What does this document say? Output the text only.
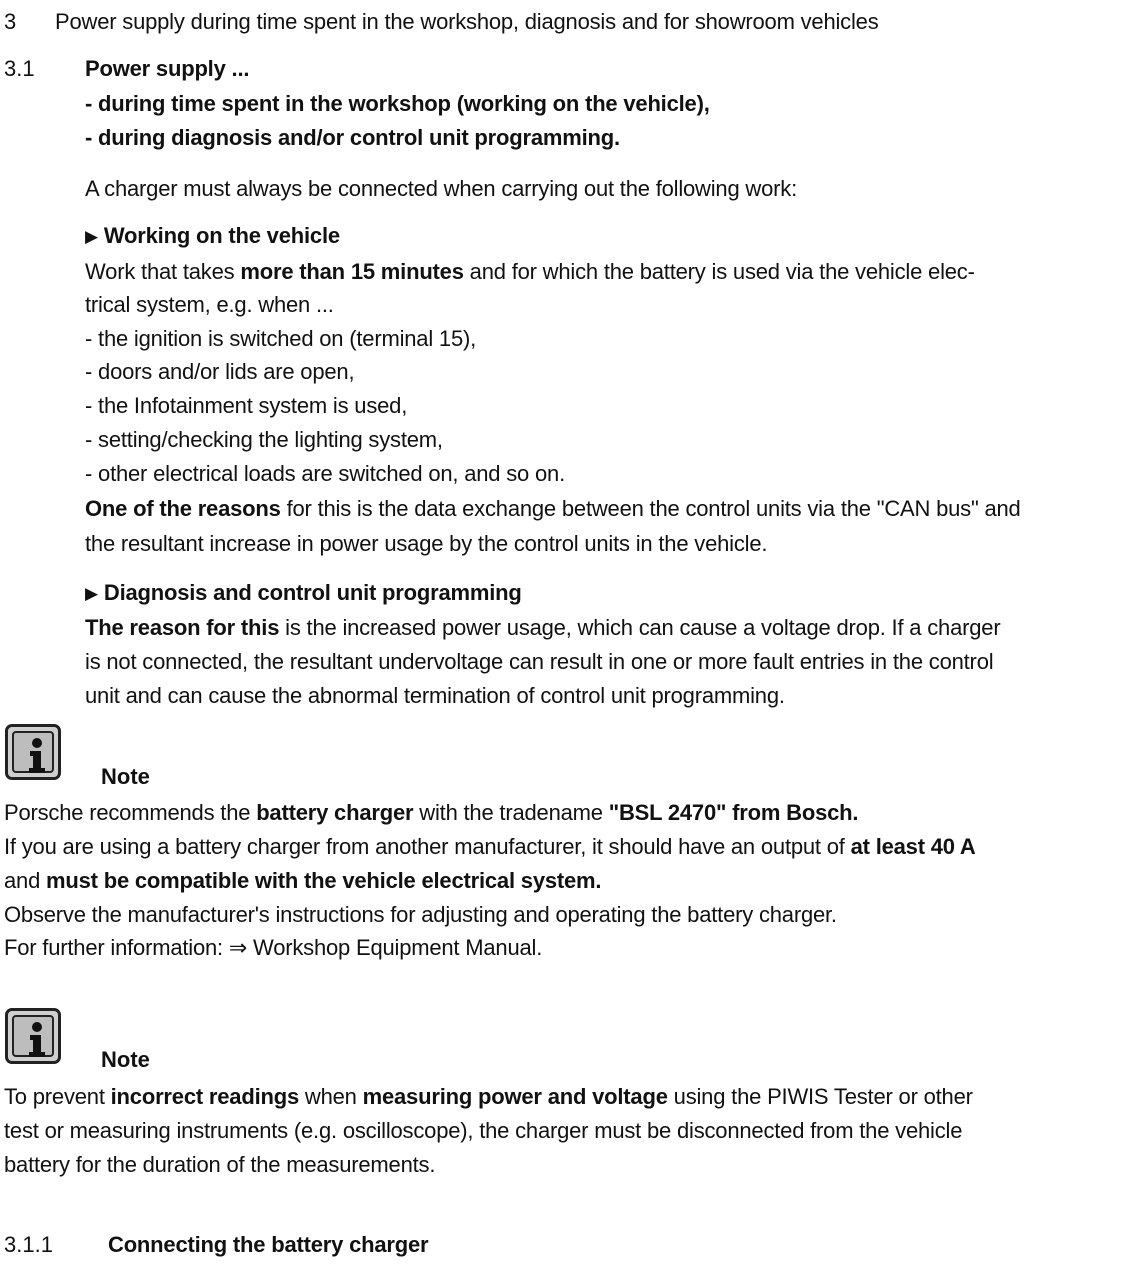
3 Power supply during time spent in the workshop, diagnosis and for showroom vehicles
3.1 Power supply ...
- during time spent in the workshop (working on the vehicle),
- during diagnosis and/or control unit programming.
A charger must always be connected when carrying out the following work:
▶ Working on the vehicle
Work that takes more than 15 minutes and for which the battery is used via the vehicle elec-
trical system, e.g. when ...
- the ignition is switched on (terminal 15),
- doors and/or lids are open,
- the Infotainment system is used,
- setting/checking the lighting system,
- other electrical loads are switched on, and so on.
One of the reasons for this is the data exchange between the control units via the "CAN bus" and
the resultant increase in power usage by the control units in the vehicle.
▶ Diagnosis and control unit programming
The reason for this is the increased power usage, which can cause a voltage drop. If a charger
is not connected, the resultant undervoltage can result in one or more fault entries in the control
unit and can cause the abnormal termination of control unit programming.
Note
Porsche recommends the battery charger with the tradename "BSL 2470" from Bosch.
If you are using a battery charger from another manufacturer, it should have an output of at least 40 A
and must be compatible with the vehicle electrical system.
Observe the manufacturer's instructions for adjusting and operating the battery charger.
For further information: ⇒ Workshop Equipment Manual.
Note
To prevent incorrect readings when measuring power and voltage using the PIWIS Tester or other
test or measuring instruments (e.g. oscilloscope), the charger must be disconnected from the vehicle
battery for the duration of the measurements.
3.1.1	Connecting the battery charger
